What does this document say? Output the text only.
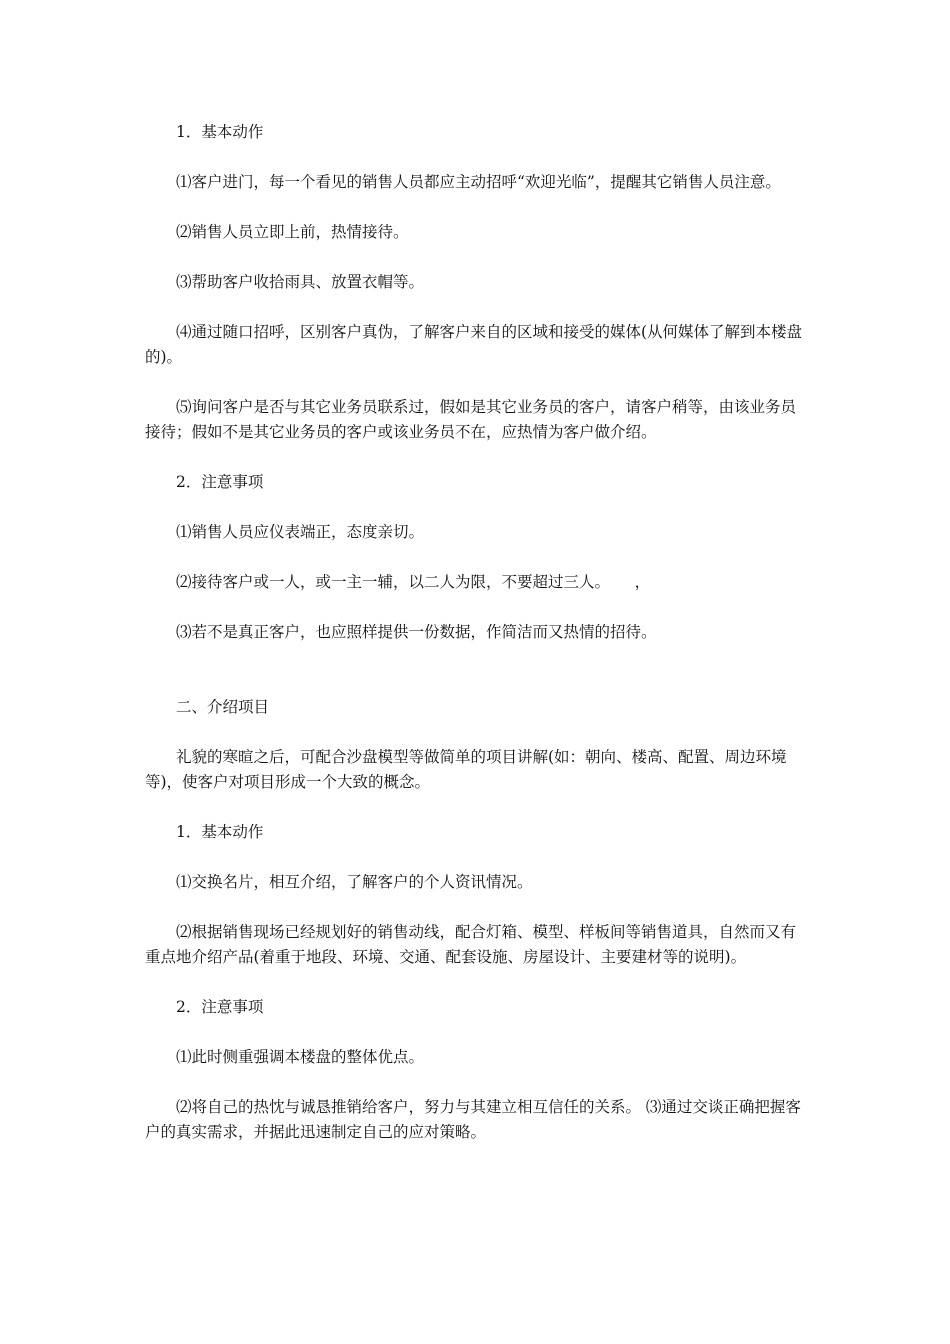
1．基本动作

⑴客户进门，每一个看见的销售人员都应主动招呼“欢迎光临”，提醒其它销售人员注意。

⑵销售人员立即上前，热情接待。

⑶帮助客户收拾雨具、放置衣帽等。

⑷通过随口招呼，区别客户真伪，了解客户来自的区域和接受的媒体(从何媒体了解到本楼盘的)。

⑸询问客户是否与其它业务员联系过，假如是其它业务员的客户，请客户稍等，由该业务员接待；假如不是其它业务员的客户或该业务员不在，应热情为客户做介绍。

2．注意事项

⑴销售人员应仪表端正，态度亲切。

⑵接待客户或一人，或一主一辅，以二人为限，不要超过三人。     ，

⑶若不是真正客户，也应照样提供一份数据，作简洁而又热情的招待。

二、介绍项目

礼貌的寒暄之后，可配合沙盘模型等做简单的项目讲解(如：朝向、楼高、配置、周边环境等)，使客户对项目形成一个大致的概念。

1．基本动作

⑴交换名片，相互介绍，了解客户的个人资讯情况。

⑵根据销售现场已经规划好的销售动线，配合灯箱、模型、样板间等销售道具，自然而又有重点地介绍产品(着重于地段、环境、交通、配套设施、房屋设计、主要建材等的说明)。

2．注意事项

⑴此时侧重强调本楼盘的整体优点。

⑵将自己的热忱与诚恳推销给客户，努力与其建立相互信任的关系。 ⑶通过交谈正确把握客户的真实需求，并据此迅速制定自己的应对策略。
